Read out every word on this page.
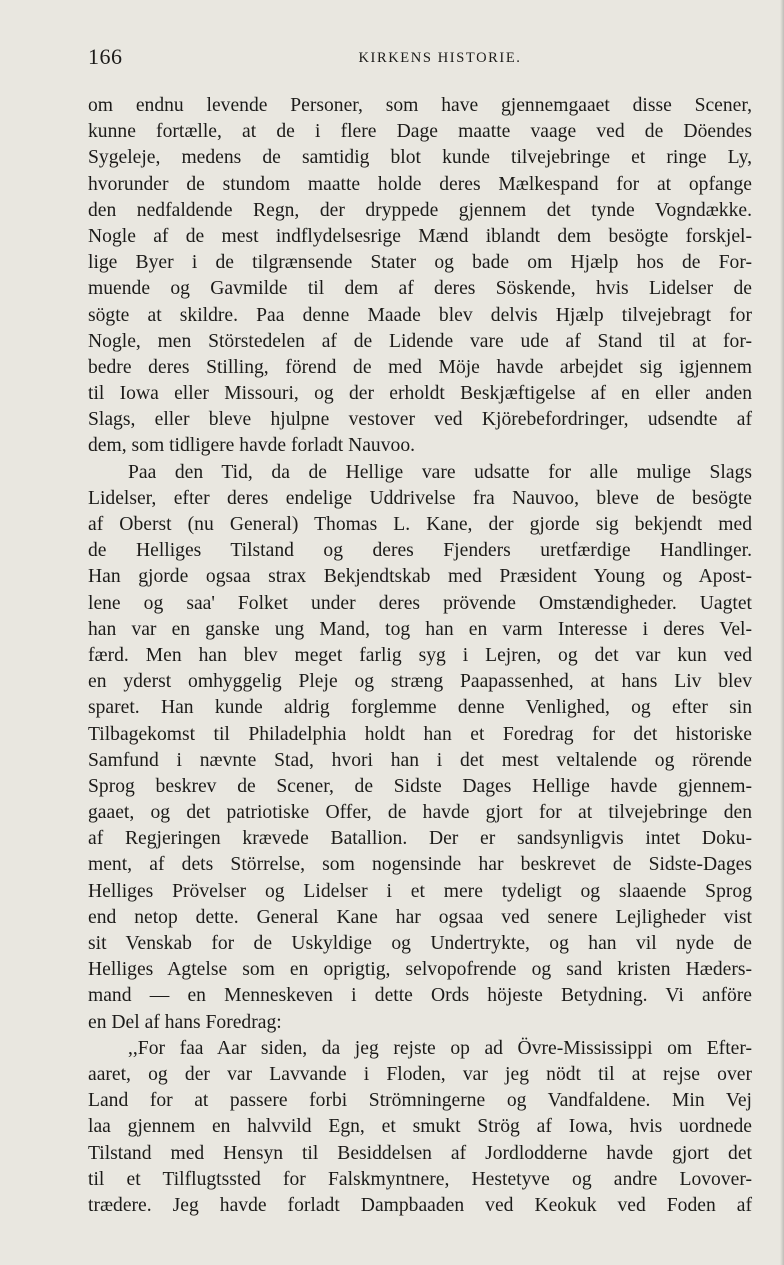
166	KIRKENS HISTORIE.
om endnu levende Personer, som have gjennemgaaet disse Scener,
kunne fortælle, at de i flere Dage maatte vaage ved de Döendes
Sygeleje, medens de samtidig blot kunde tilvejebringe et ringe Ly,
hvorunder de stundom maatte holde deres Mælkespand for at opfange
den nedfaldende Regn, der dryppede gjennem det tynde Vogndække.
Nogle af de mest indflydelsesrige Mænd iblandt dem besögte forskjel-
lige Byer i de tilgrænsende Stater og bade om Hjælp hos de For-
muende og Gavmilde til dem af deres Söskende, hvis Lidelser de
sögte at skildre. Paa denne Maade blev delvis Hjælp tilvejebragt for
Nogle, men Störstedelen af de Lidende vare ude af Stand til at for-
bedre deres Stilling, förend de med Möje havde arbejdet sig igjennem
til Iowa eller Missouri, og der erholdt Beskjæftigelse af en eller anden
Slags, eller bleve hjulpne vestover ved Kjörebefordringer, udsendte af
dem, som tidligere havde forladt Nauvoo.
Paa den Tid, da de Hellige vare udsatte for alle mulige Slags
Lidelser, efter deres endelige Uddrivelse fra Nauvoo, bleve de besögte
af Oberst (nu General) Thomas L. Kane, der gjorde sig bekjendt med
de Helliges Tilstand og deres Fjenders uretfærdige Handlinger.
Han gjorde ogsaa strax Bekjendtskab med Præsident Young og Apost-
lene og saa' Folket under deres prövende Omstændigheder. Uagtet
han var en ganske ung Mand, tog han en varm Interesse i deres Vel-
færd. Men han blev meget farlig syg i Lejren, og det var kun ved
en yderst omhyggelig Pleje og stræng Paapassenhed, at hans Liv blev
sparet. Han kunde aldrig forglemme denne Venlighed, og efter sin
Tilbagekomst til Philadelphia holdt han et Foredrag for det historiske
Samfund i nævnte Stad, hvori han i det mest veltalende og rörende
Sprog beskrev de Scener, de Sidste Dages Hellige havde gjennem-
gaaet, og det patriotiske Offer, de havde gjort for at tilvejebringe den
af Regjeringen krævede Batallion. Der er sandsynligvis intet Doku-
ment, af dets Störrelse, som nogensinde har beskrevet de Sidste-Dages
Helliges Prövelser og Lidelser i et mere tydeligt og slaaende Sprog
end netop dette. General Kane har ogsaa ved senere Lejligheder vist
sit Venskab for de Uskyldige og Undertrykte, og han vil nyde de
Helliges Agtelse som en oprigtig, selvopofrende og sand kristen Hæders-
mand — en Menneskeven i dette Ords höjeste Betydning. Vi anföre
en Del af hans Foredrag:
,,For faa Aar siden, da jeg rejste op ad Övre-Mississippi om Efter-
aaret, og der var Lavvande i Floden, var jeg nödt til at rejse over
Land for at passere forbi Strömningerne og Vandfaldene. Min Vej
laa gjennem en halvvild Egn, et smukt Strög af Iowa, hvis uordnede
Tilstand med Hensyn til Besiddelsen af Jordlodderne havde gjort det
til et Tilflugtssted for Falskmyntnere, Hestetyve og andre Lovover-
trædere. Jeg havde forladt Dampbaaden ved Keokuk ved Foden af
